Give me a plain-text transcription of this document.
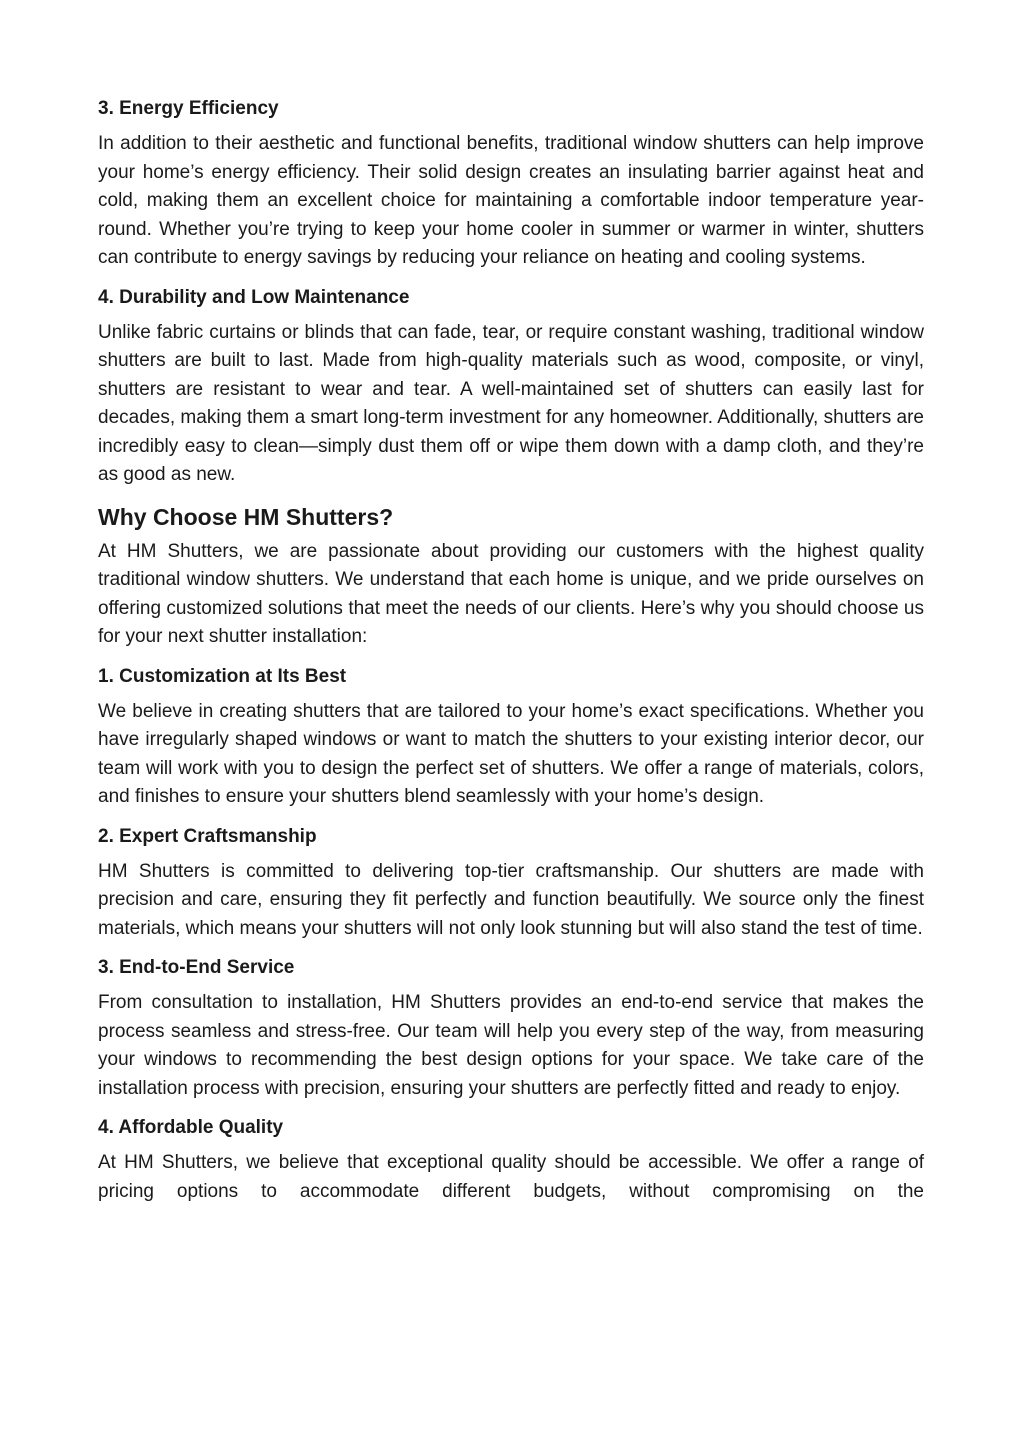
3. Energy Efficiency
In addition to their aesthetic and functional benefits, traditional window shutters can help improve your home’s energy efficiency. Their solid design creates an insulating barrier against heat and cold, making them an excellent choice for maintaining a comfortable indoor temperature year-round. Whether you’re trying to keep your home cooler in summer or warmer in winter, shutters can contribute to energy savings by reducing your reliance on heating and cooling systems.
4. Durability and Low Maintenance
Unlike fabric curtains or blinds that can fade, tear, or require constant washing, traditional window shutters are built to last. Made from high-quality materials such as wood, composite, or vinyl, shutters are resistant to wear and tear. A well-maintained set of shutters can easily last for decades, making them a smart long-term investment for any homeowner. Additionally, shutters are incredibly easy to clean—simply dust them off or wipe them down with a damp cloth, and they’re as good as new.
Why Choose HM Shutters?
At HM Shutters, we are passionate about providing our customers with the highest quality traditional window shutters. We understand that each home is unique, and we pride ourselves on offering customized solutions that meet the needs of our clients. Here’s why you should choose us for your next shutter installation:
1. Customization at Its Best
We believe in creating shutters that are tailored to your home’s exact specifications. Whether you have irregularly shaped windows or want to match the shutters to your existing interior decor, our team will work with you to design the perfect set of shutters. We offer a range of materials, colors, and finishes to ensure your shutters blend seamlessly with your home’s design.
2. Expert Craftsmanship
HM Shutters is committed to delivering top-tier craftsmanship. Our shutters are made with precision and care, ensuring they fit perfectly and function beautifully. We source only the finest materials, which means your shutters will not only look stunning but will also stand the test of time.
3. End-to-End Service
From consultation to installation, HM Shutters provides an end-to-end service that makes the process seamless and stress-free. Our team will help you every step of the way, from measuring your windows to recommending the best design options for your space. We take care of the installation process with precision, ensuring your shutters are perfectly fitted and ready to enjoy.
4. Affordable Quality
At HM Shutters, we believe that exceptional quality should be accessible. We offer a range of pricing options to accommodate different budgets, without compromising on the
